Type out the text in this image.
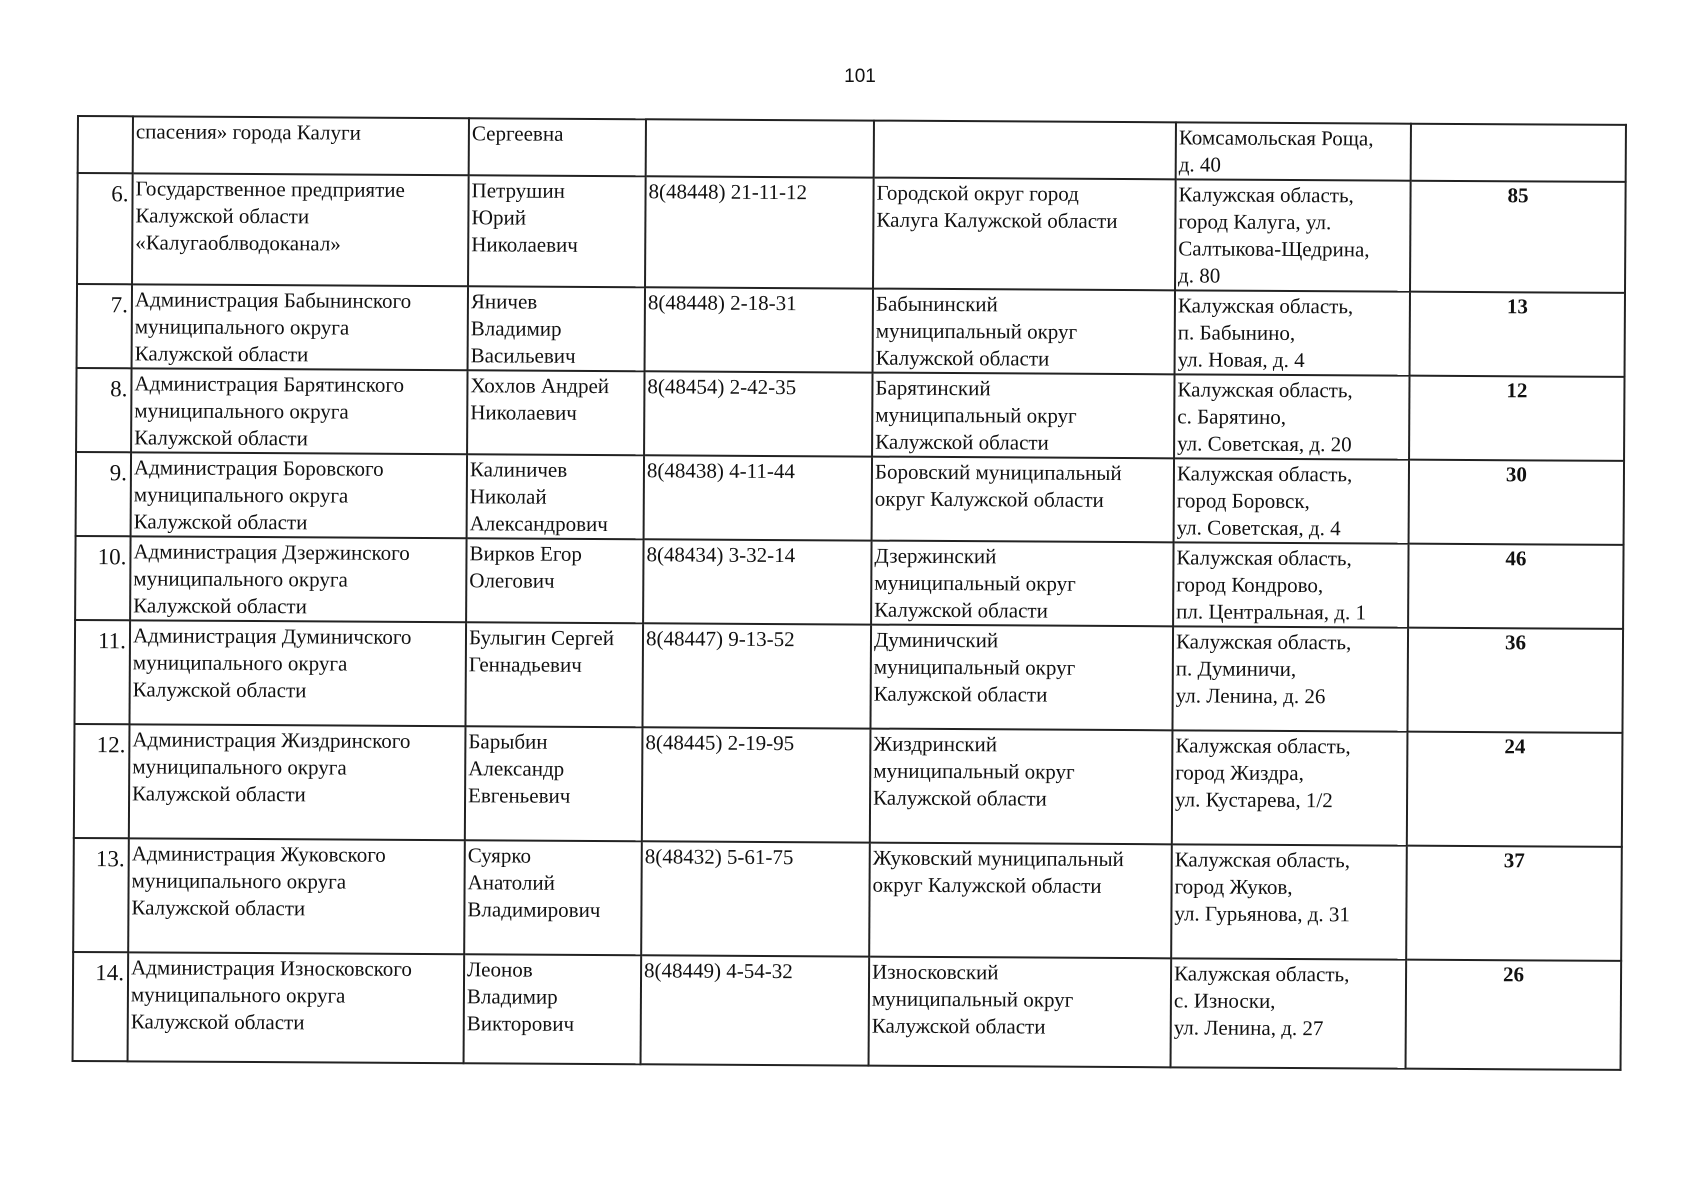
101
	спасения» города Калуги	Сергеевна			Комсамольская Роща,
д. 40	
6.	Государственное предприятие
Калужской области
«Калугаоблводоканал»	Петрушин
Юрий
Николаевич	8(48448) 21-11-12	Городской округ город
Калуга Калужской области	Калужская область,
город Калуга, ул.
Салтыкова-Щедрина,
д. 80	85
7.	Администрация Бабынинского
муниципального округа
Калужской области	Яничев
Владимир
Васильевич	8(48448) 2-18-31	Бабынинский
муниципальный округ
Калужской области	Калужская область,
п. Бабынино,
ул. Новая, д. 4	13
8.	Администрация Барятинского
муниципального округа
Калужской области	Хохлов Андрей
Николаевич	8(48454) 2-42-35	Барятинский
муниципальный округ
Калужской области	Калужская область,
с. Барятино,
ул. Советская, д. 20	12
9.	Администрация Боровского
муниципального округа
Калужской области	Калиничев
Николай
Александрович	8(48438) 4-11-44	Боровский муниципальный
округ Калужской области	Калужская область,
город Боровск,
ул. Советская, д. 4	30
10.	Администрация Дзержинского
муниципального округа
Калужской области	Вирков Егор
Олегович	8(48434) 3-32-14	Дзержинский
муниципальный округ
Калужской области	Калужская область,
город Кондрово,
пл. Центральная, д. 1	46
11.	Администрация Думиничского
муниципального округа
Калужской области	Булыгин Сергей
Геннадьевич	8(48447) 9-13-52	Думиничский
муниципальный округ
Калужской области	Калужская область,
п. Думиничи,
ул. Ленина, д. 26	36
12.	Администрация Жиздринского
муниципального округа
Калужской области	Барыбин
Александр
Евгеньевич	8(48445) 2-19-95	Жиздринский
муниципальный округ
Калужской области	Калужская область,
город Жиздра,
ул. Кустарева, 1/2	24
13.	Администрация Жуковского
муниципального округа
Калужской области	Суярко
Анатолий
Владимирович	8(48432) 5-61-75	Жуковский муниципальный
округ Калужской области	Калужская область,
город Жуков,
ул. Гурьянова, д. 31	37
14.	Администрация Износковского
муниципального округа
Калужской области	Леонов
Владимир
Викторович	8(48449) 4-54-32	Износковский
муниципальный округ
Калужской области	Калужская область,
с. Износки,
ул. Ленина, д. 27	26
